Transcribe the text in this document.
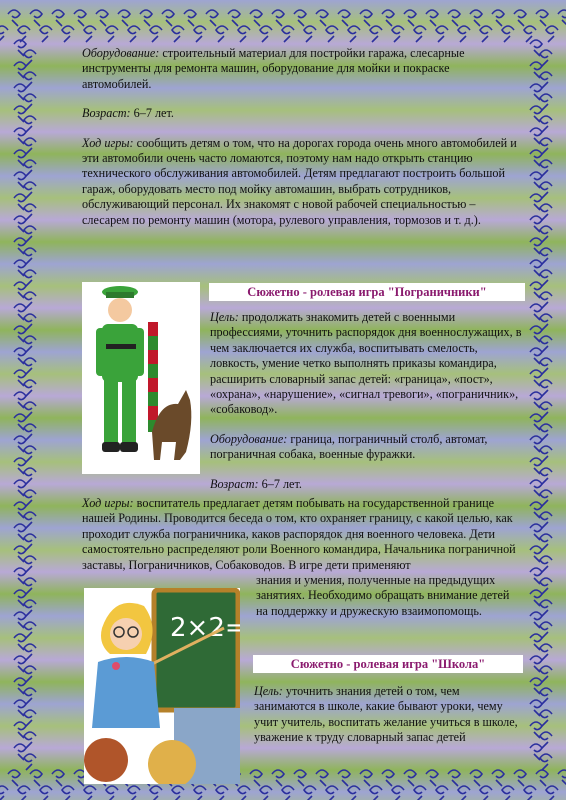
Оборудование: строительный материал для постройки гаража, слесарные инструменты для ремонта машин, оборудование для мойки и покраске автомобилей.

Возраст: 6–7 лет.

Ход игры: сообщить детям о том, что на дорогах города очень много автомобилей и эти автомобили очень часто ломаются, поэтому нам надо открыть станцию технического обслуживания автомобилей. Детям предлагают построить большой гараж, оборудовать место под мойку автомашин, выбрать сотрудников, обслуживающий персонал. Их знакомят с новой рабочей специальностью – слесарем по ремонту машин (мотора, рулевого управления, тормозов и т. д.).

Сюжетно - ролевая игра "Пограничники"

Цель: продолжать знакомить детей с военными профессиями, уточнить распорядок дня военнослужащих, в чем заключается их служба, воспитывать смелость, ловкость, умение четко выполнять приказы командира, расширить словарный запас детей: «граница», «пост», «охрана», «нарушение», «сигнал тревоги», «пограничник», «собаковод».

Оборудование: граница, пограничный столб, автомат, пограничная собака, военные фуражки.

Возраст: 6–7 лет.

Ход игры: воспитатель предлагает детям побывать на государственной границе нашей Родины. Проводится беседа о том, кто охраняет границу, с какой целью, как проходит служба пограничника, каков распорядок дня военного человека. Дети самостоятельно распределяют роли Военного командира, Начальника пограничной заставы, Пограничников, Собаководов. В игре дети применяют

знания и умения, полученные на предыдущих занятиях. Необходимо обращать внимание детей на поддержку и дружескую взаимопомощь.

2×2=
Сюжетно - ролевая игра "Школа"

Цель: уточнить знания детей о том, чем занимаются в школе, какие бывают уроки, чему учит учитель, воспитать желание учиться в школе, уважение к труду словарный запас детей
